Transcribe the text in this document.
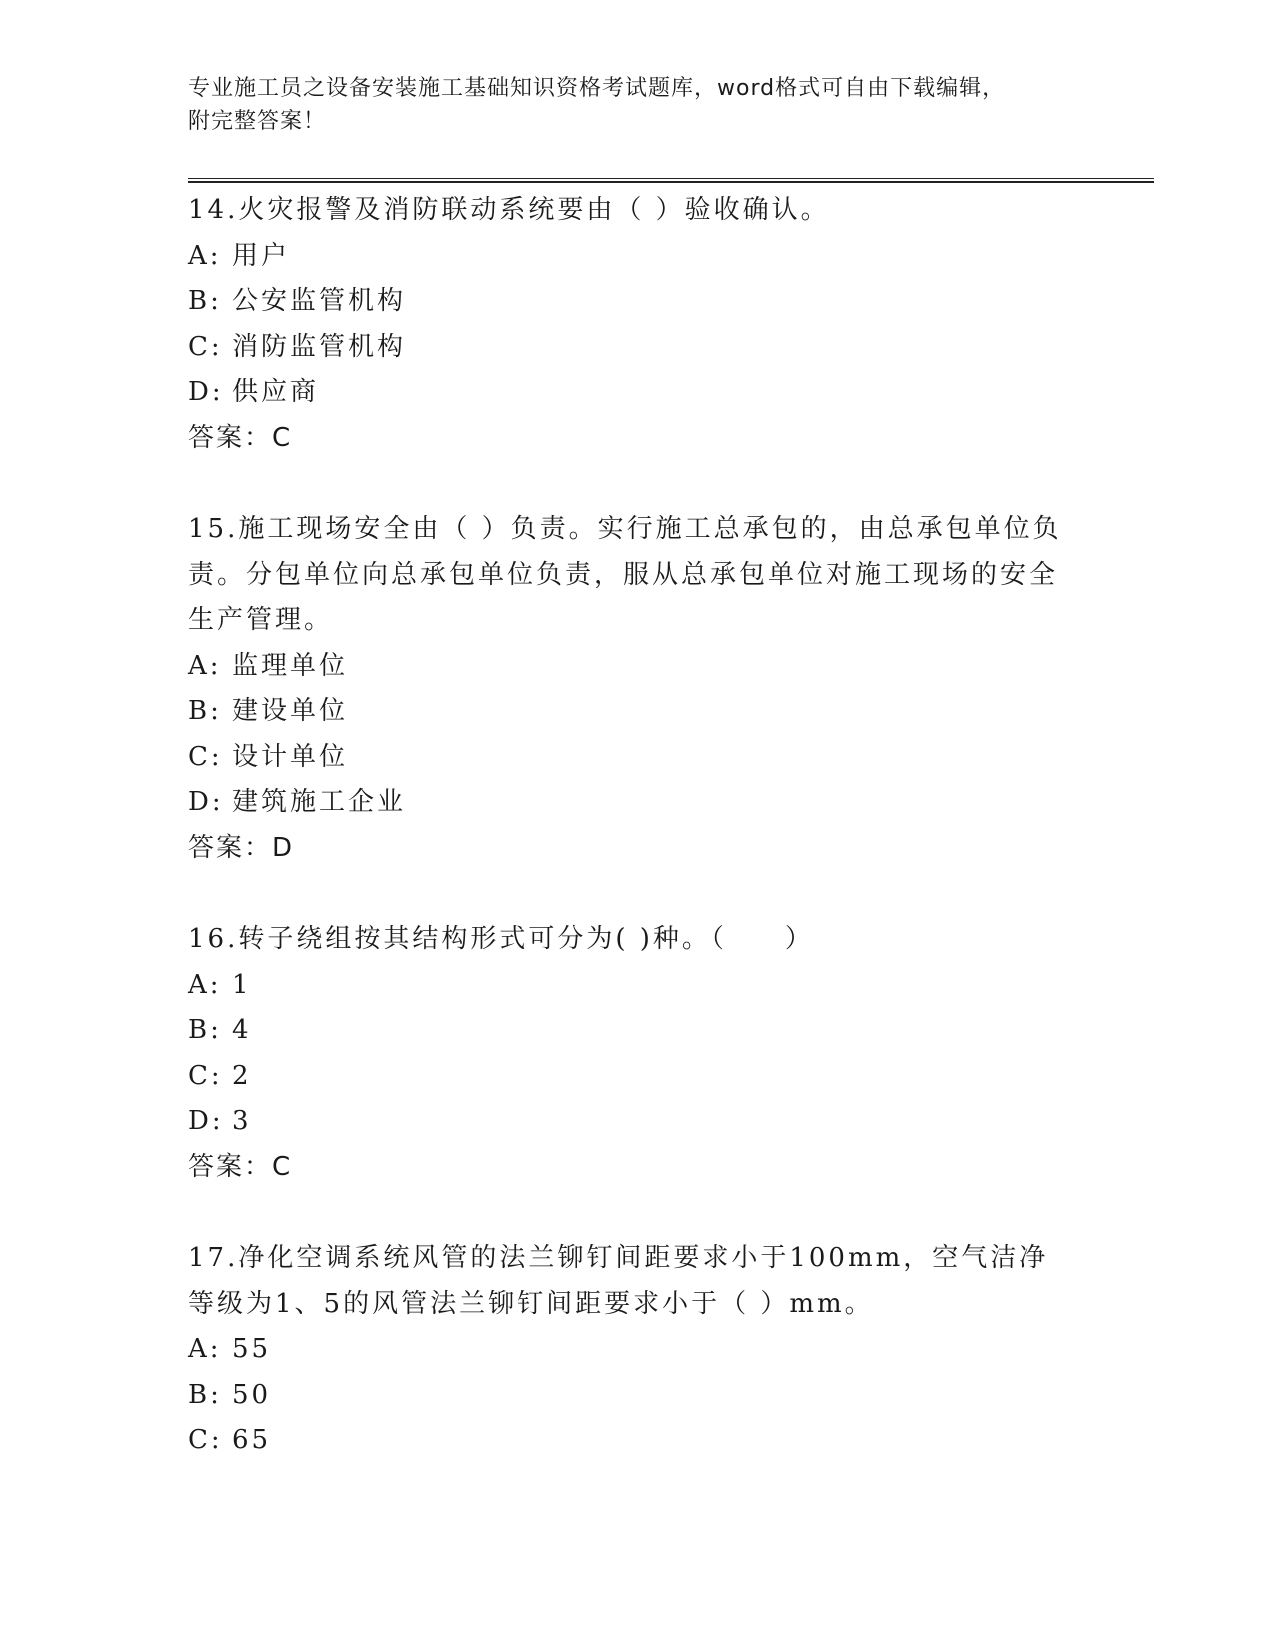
专业施工员之设备安装施工基础知识资格考试题库，word格式可自由下载编辑，
附完整答案！
14.火灾报警及消防联动系统要由（ ）验收确认。
A: 用户
B: 公安监管机构
C: 消防监管机构
D: 供应商
答案：C
15.施工现场安全由（ ）负责。实行施工总承包的，由总承包单位负责。分包单位向总承包单位负责，服从总承包单位对施工现场的安全生产管理。
A: 监理单位
B: 建设单位
C: 设计单位
D: 建筑施工企业
答案：D
16.转子绕组按其结构形式可分为( )种。（　　）
A: 1
B: 4
C: 2
D: 3
答案：C
17.净化空调系统风管的法兰铆钉间距要求小于100mm，空气洁净等级为1、5的风管法兰铆钉间距要求小于（ ）mm。
A: 55
B: 50
C: 65
